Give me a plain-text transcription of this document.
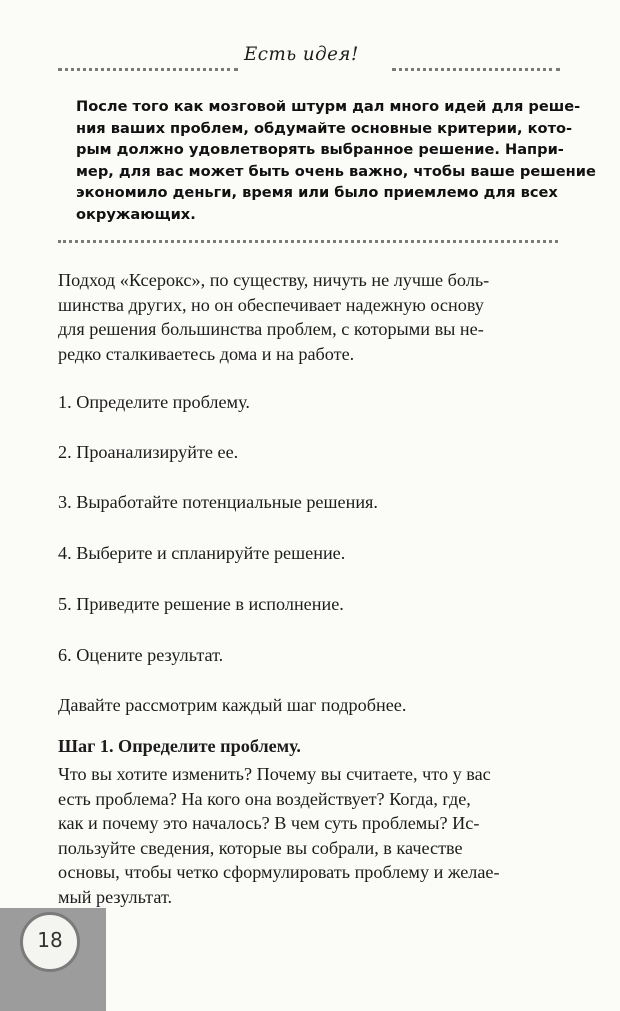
Есть идея!
После того как мозговой штурм дал много идей для реше-
ния ваших проблем, обдумайте основные критерии, кото-
рым должно удовлетворять выбранное решение. Напри-
мер, для вас может быть очень важно, чтобы ваше решение
экономило деньги, время или было приемлемо для всех
окружающих.
Подход «Ксерокс», по существу, ничуть не лучше боль-
шинства других, но он обеспечивает надежную основу
для решения большинства проблем, с которыми вы не-
редко сталкиваетесь дома и на работе.
1. Определите проблему.
2. Проанализируйте ее.
3. Выработайте потенциальные решения.
4. Выберите и спланируйте решение.
5. Приведите решение в исполнение.
6. Оцените результат.
Давайте рассмотрим каждый шаг подробнее.
Шаг 1. Определите проблему.
Что вы хотите изменить? Почему вы считаете, что у вас
есть проблема? На кого она воздействует? Когда, где,
как и почему это началось? В чем суть проблемы? Ис-
пользуйте сведения, которые вы собрали, в качестве
основы, чтобы четко сформулировать проблему и желае-
мый результат.
18
